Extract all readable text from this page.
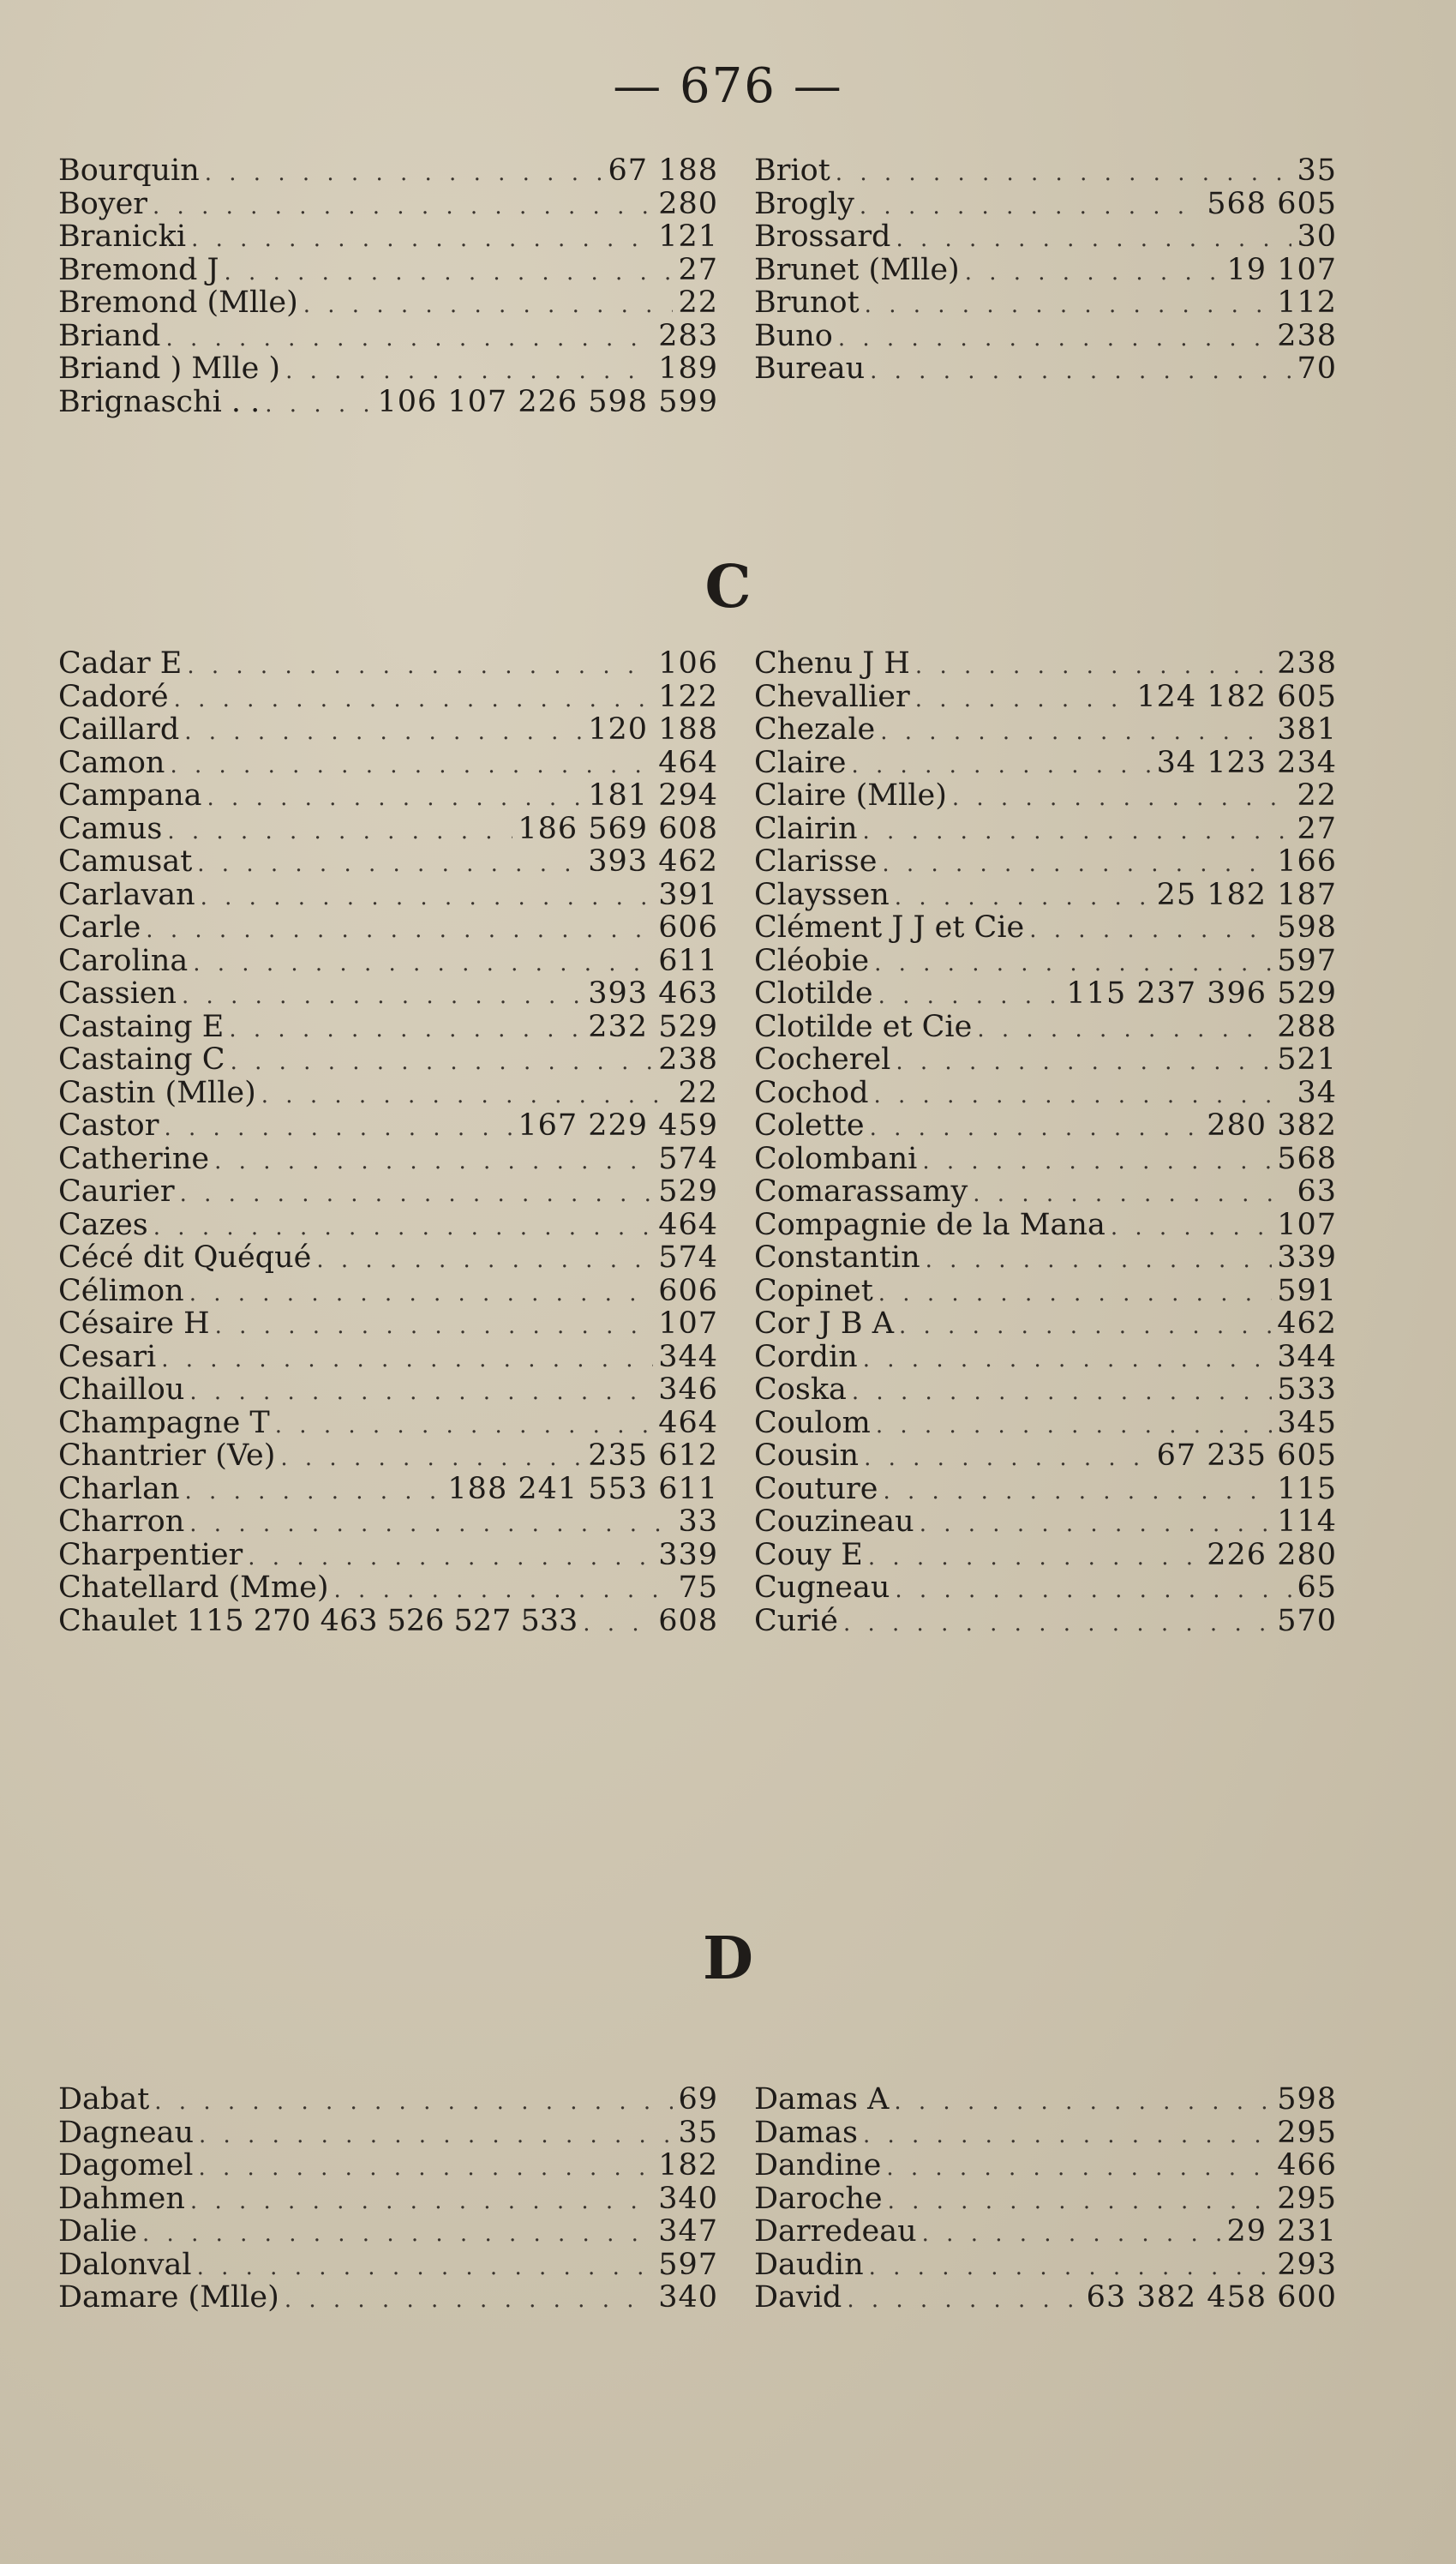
— 676 —
Bourquin . . .	67 188
Boyer . . .	280
Branicki . . .	121
Bremond J . . .	27
Bremond (Mlle) . . .	22
Briand . . .	283
Briand ) Mlle ) . . .	189
Brignaschi . . . . .	106 107 226 598 599
Briot . . .	35
Brogly . . .	568 605
Brossard . . .	30
Brunet (Mlle) . . .	19 107
Brunot . . .	112
Buno . . .	238
Bureau . . .	70
C
Cadar E . . .	106
Cadoré . . .	122
Caillard . . .	120 188
Camon . . .	464
Campana . . .	181 294
Camus . . .	186 569 608
Camusat . . .	393 462
Carlavan . . .	391
Carle . . .	606
Carolina . . .	611
Cassien . . .	393 463
Castaing E . . .	232 529
Castaing C . . .	238
Castin (Mlle) . . .	22
Castor . . .	167 229 459
Catherine . . .	574
Caurier . . .	529
Cazes . . .	464
Cécé dit Quéqué . . .	574
Célimon . . .	606
Césaire H . . .	107
Cesari . . .	344
Chaillou . . .	346
Champagne T . . .	464
Chantrier (Ve) . . .	235 612
Charlan . . .	188 241 553 611
Charron . . .	33
Charpentier . . .	339
Chatellard (Mme) . . .	75
Chaulet 115 270 463 526 527 533 . . .	608
Chenu J H . . .	238
Chevallier . . .	124 182 605
Chezale . . .	381
Claire . . .	34 123 234
Claire (Mlle) . . .	22
Clairin . . .	27
Clarisse . . .	166
Clayssen . . .	25 182 187
Clément J J et Cie . . .	598
Cléobie . . .	597
Clotilde . . .	115 237 396 529
Clotilde et Cie . . .	288
Cocherel . . .	521
Cochod . . .	34
Colette . . .	280 382
Colombani . . .	568
Comarassamy . . .	63
Compagnie de la Mana . . .	107
Constantin . . .	339
Copinet . . .	591
Cor J B A . . .	462
Cordin . . .	344
Coska . . .	533
Coulom . . .	345
Cousin . . .	67 235 605
Couture . . .	115
Couzineau . . .	114
Couy E . . .	226 280
Cugneau . . .	65
Curié . . .	570
D
Dabat . . .	69
Dagneau . . .	35
Dagomel . . .	182
Dahmen . . .	340
Dalie . . .	347
Dalonval . . .	597
Damare (Mlle) . . .	340
Damas A . . .	598
Damas . . .	295
Dandine . . .	466
Daroche . . .	295
Darredeau . . .	29 231
Daudin . . .	293
David . . .	63 382 458 600
